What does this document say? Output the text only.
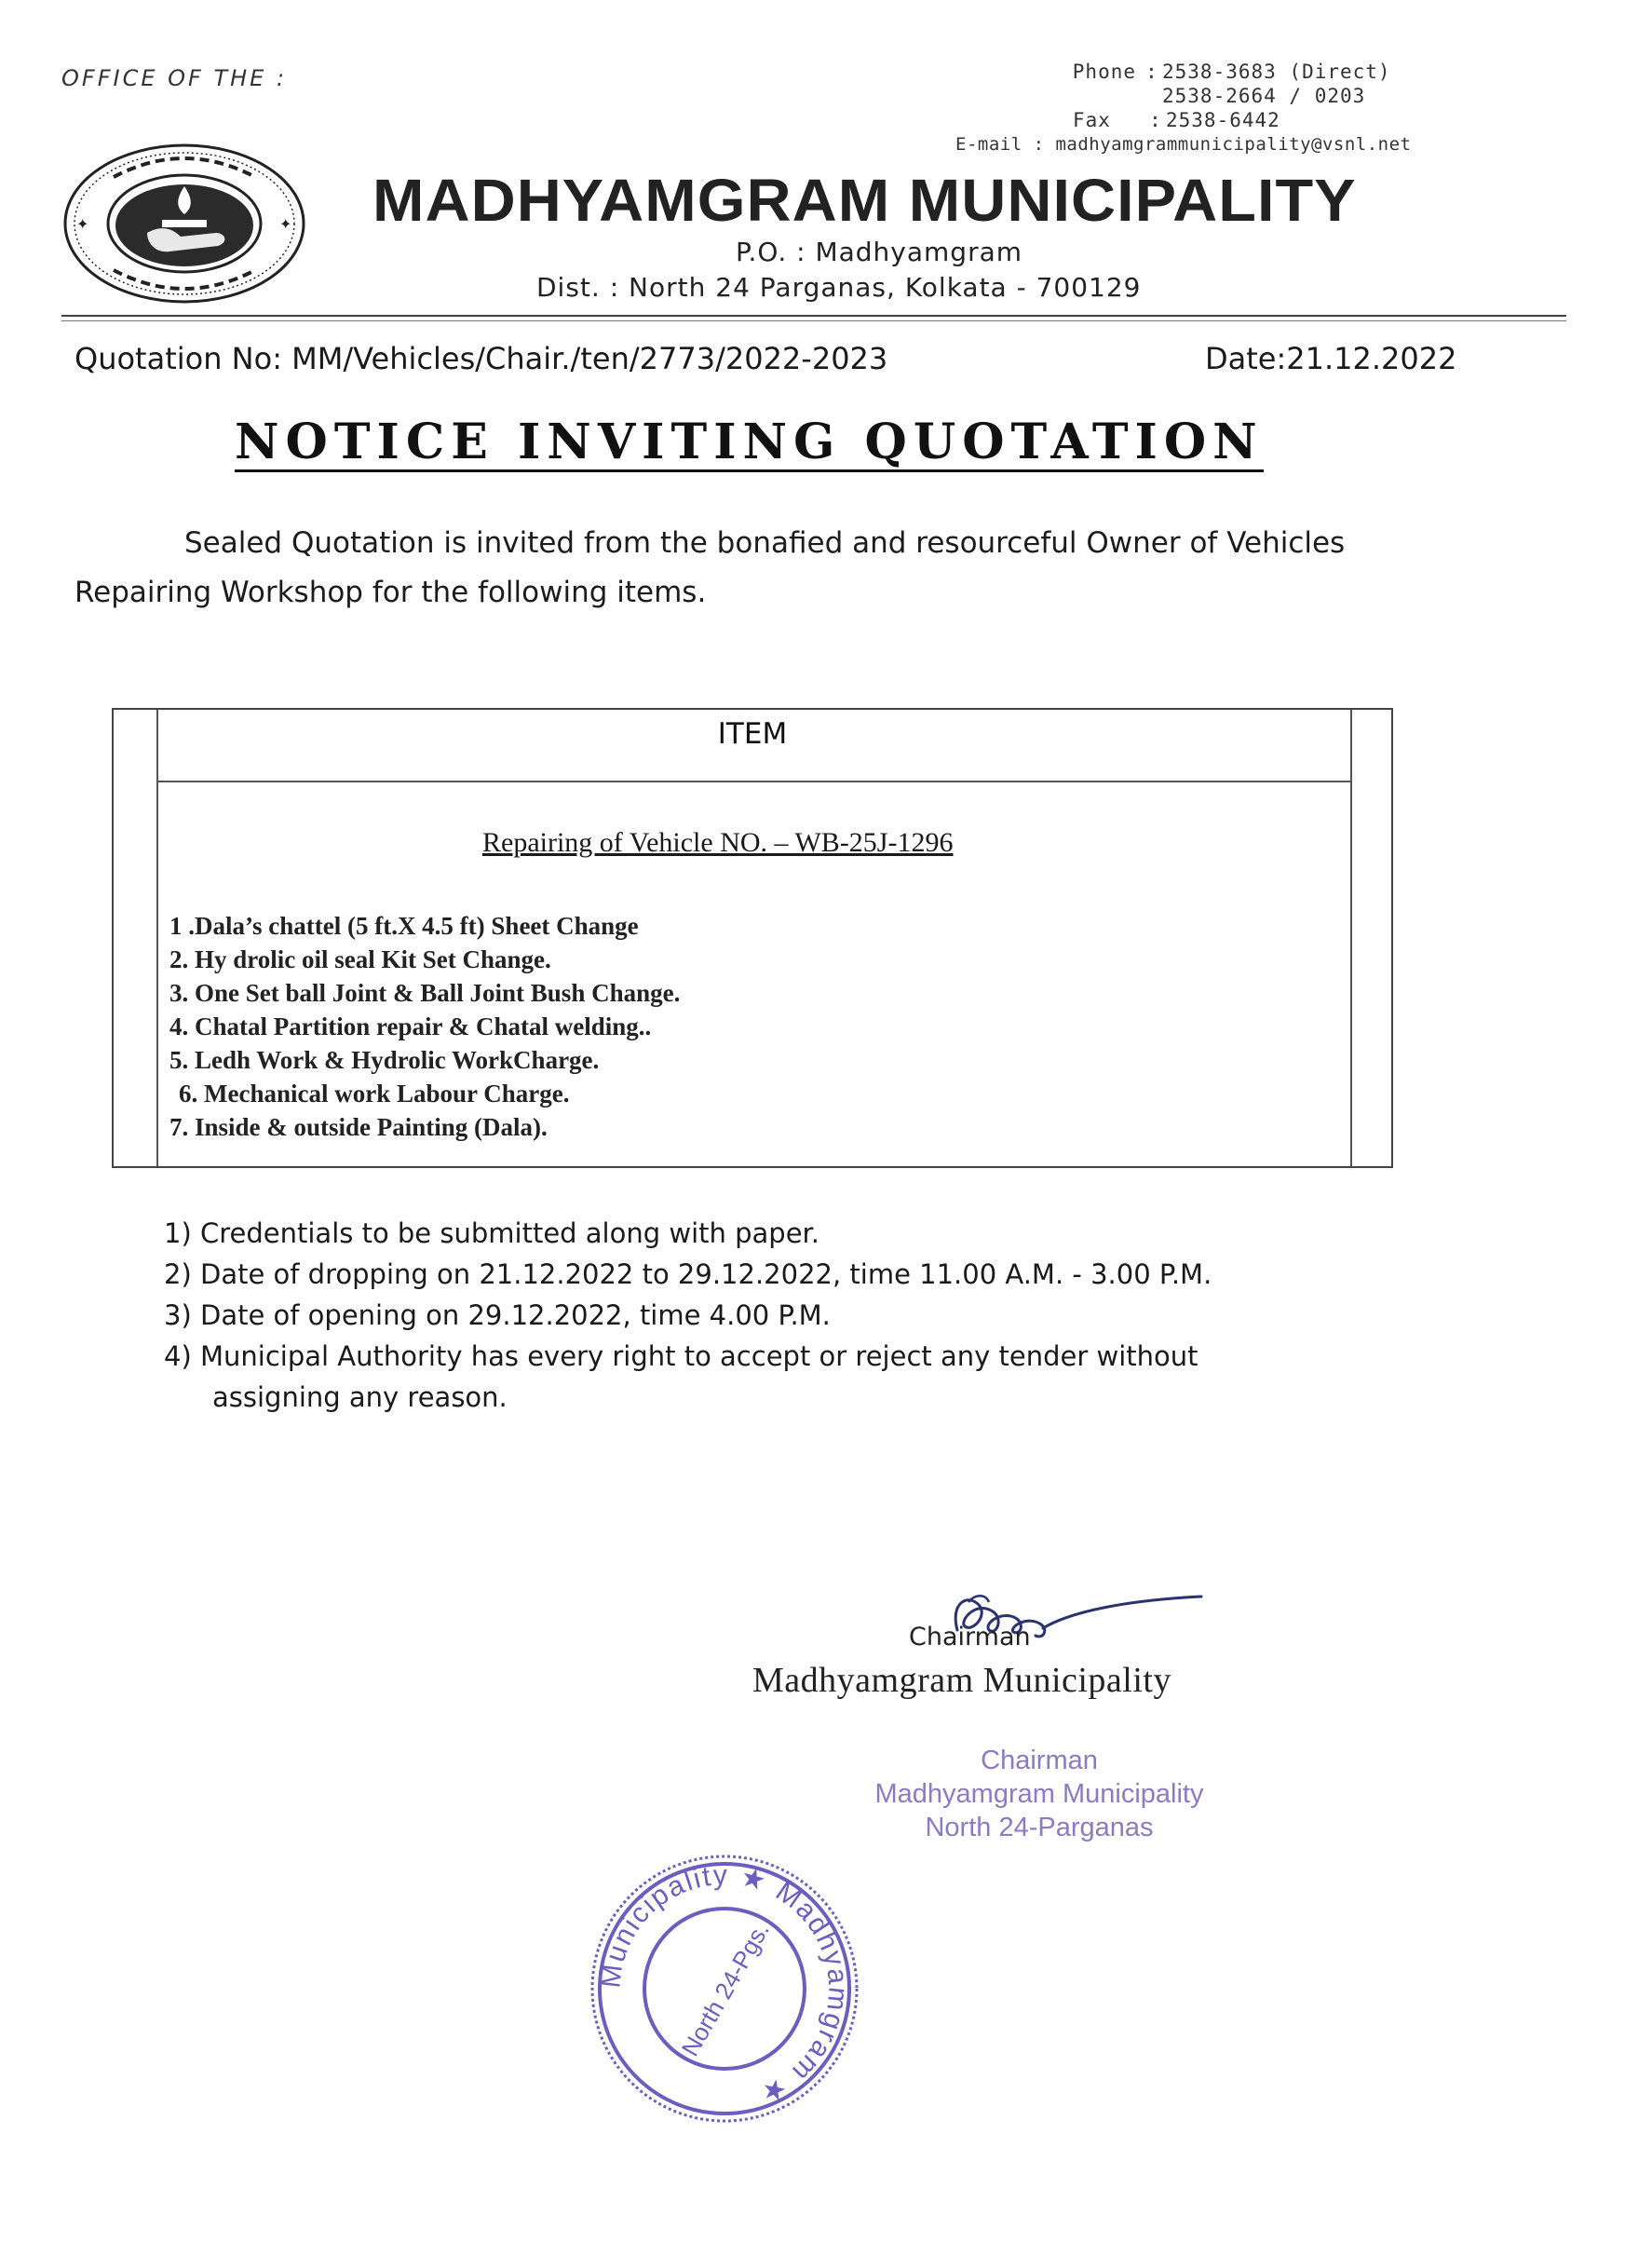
OFFICE OF THE :	Phone : 2538-3683 (Direct)
2538-2664 / 0203
Fax : 2538-6442
E-mail : madhyamgrammunicipality@vsnl.net
✦	✦ MADHYAMGRAM MUNICIPALITY
P.O. : Madhyamgram
Dist. : North 24 Parganas, Kolkata - 700129
Quotation No: MM/Vehicles/Chair./ten/2773/2022-2023	Date:21.12.2022
NOTICE INVITING QUOTATION
Sealed Quotation is invited from the bonafied and resourceful Owner of Vehicles
Repairing Workshop for the following items.
ITEM
Repairing of Vehicle NO. – WB-25J-1296
1 .Dala’s chattel (5 ft.X 4.5 ft) Sheet Change
2. Hy drolic oil seal Kit Set Change.
3. One Set ball Joint & Ball Joint Bush Change.
4. Chatal Partition repair & Chatal welding..
5. Ledh Work & Hydrolic WorkCharge.
6. Mechanical work Labour Charge.
7. Inside & outside Painting (Dala).
1) Credentials to be submitted along with paper.
2) Date of dropping on 21.12.2022 to 29.12.2022, time 11.00 A.M. - 3.00 P.M.
3) Date of opening on 29.12.2022, time 4.00 P.M.
4) Municipal Authority has every right to accept or reject any tender without
assigning any reason.
Chairman
Madhyamgram Municipality
Chairman
Madhyamgram Municipality
North 24-Parganas
Municipality ★ Madhyamgram ★
North 24-Pgs.
